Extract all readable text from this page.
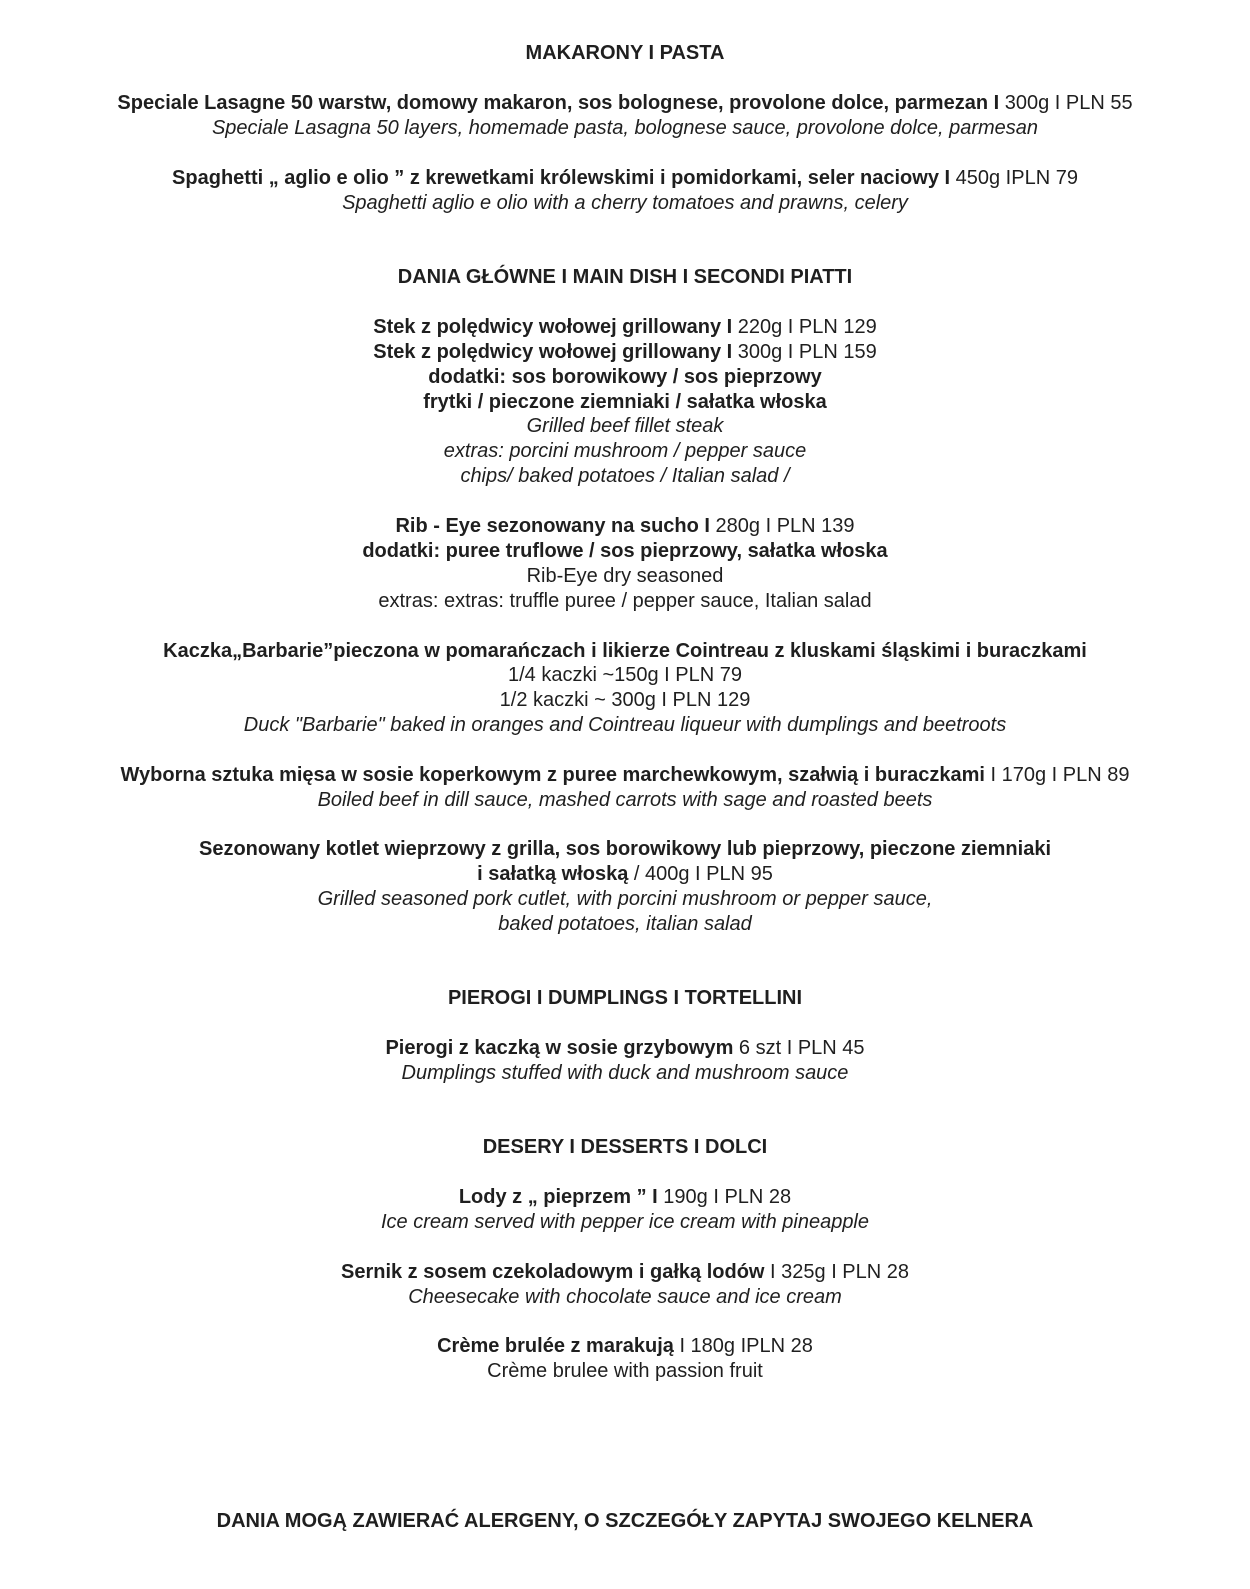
MAKARONY I PASTA
Speciale Lasagne 50 warstw, domowy makaron, sos bolognese, provolone dolce, parmezan I 300g I PLN 55
Speciale Lasagna 50 layers, homemade pasta, bolognese sauce, provolone dolce, parmesan
Spaghetti „ aglio e olio ” z krewetkami królewskimi i pomidorkami, seler naciowy I 450g IPLN 79
Spaghetti aglio e olio with a cherry tomatoes and prawns, celery
DANIA GŁÓWNE I MAIN DISH I SECONDI PIATTI
Stek z polędwicy wołowej grillowany I 220g I PLN 129
Stek z polędwicy wołowej grillowany I 300g I PLN 159
dodatki: sos borowikowy / sos pieprzowy
frytki / pieczone ziemniaki / sałatka włoska
Grilled beef fillet steak
extras: porcini mushroom / pepper sauce
chips/ baked potatoes / Italian salad /
Rib - Eye sezonowany na sucho I 280g I PLN 139
dodatki: puree truflowe / sos pieprzowy, sałatka włoska
Rib-Eye dry seasoned
extras: extras: truffle puree / pepper sauce, Italian salad
Kaczka„Barbarie”pieczona w pomarańczach i likierze Cointreau z kluskami śląskimi i buraczkami
1/4 kaczki ~150g I PLN 79
1/2 kaczki ~ 300g I PLN 129
Duck "Barbarie" baked in oranges and Cointreau liqueur with dumplings and beetroots
Wyborna sztuka mięsa w sosie koperkowym z puree marchewkowym, szałwią i buraczkami I 170g I PLN 89
Boiled beef in dill sauce, mashed carrots with sage and roasted beets
Sezonowany kotlet wieprzowy z grilla, sos borowikowy lub pieprzowy, pieczone ziemniaki
i sałatką włoską / 400g I PLN 95
Grilled seasoned pork cutlet, with porcini mushroom or pepper sauce,
baked potatoes, italian salad
PIEROGI I DUMPLINGS I TORTELLINI
Pierogi z kaczką w sosie grzybowym 6 szt I PLN 45
Dumplings stuffed with duck and mushroom sauce
DESERY I DESSERTS I DOLCI
Lody z „ pieprzem ” I 190g I PLN 28
Ice cream served with pepper ice cream with pineapple
Sernik z sosem czekoladowym i gałką lodów I 325g I PLN 28
Cheesecake with chocolate sauce and ice cream
Crème brulée z marakują I 180g IPLN 28
Crème brulee with passion fruit
DANIA MOGĄ ZAWIERAĆ ALERGENY, O SZCZEGÓŁY ZAPYTAJ SWOJEGO KELNERA
